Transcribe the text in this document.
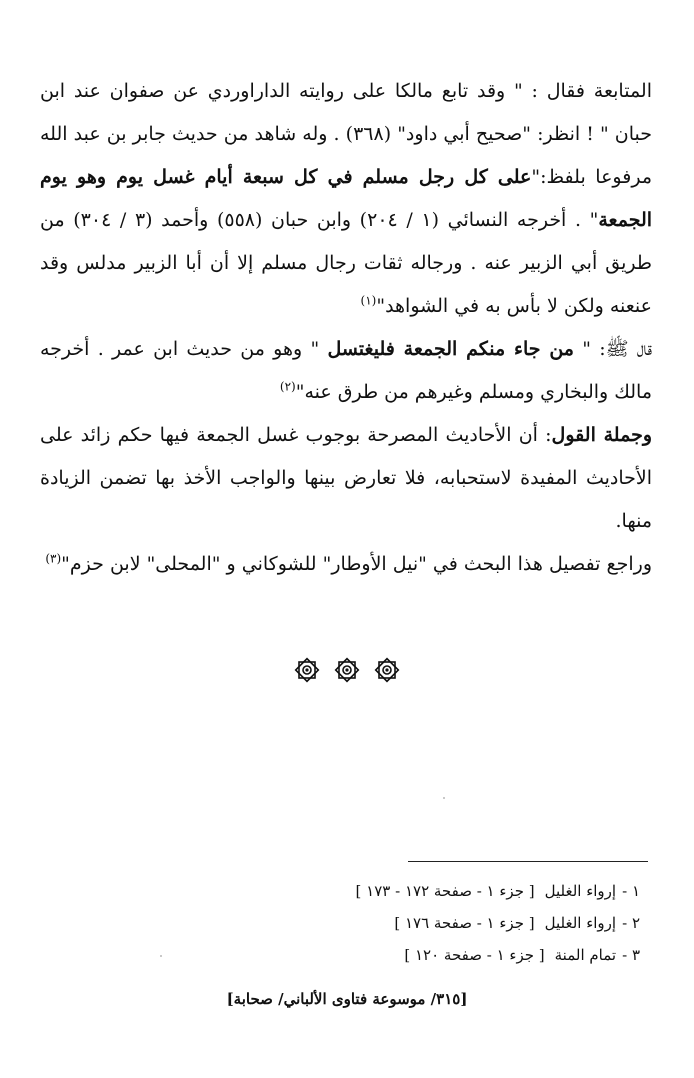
المتابعة فقال : " وقد تابع مالكا على روايته الداراوردي عن صفوان عند ابن حبان " ! انظر: "صحيح أبي داود" (٣٦٨) . وله شاهد من حديث جابر بن عبد الله مرفوعا بلفظ:"على كل رجل مسلم في كل سبعة أيام غسل يوم وهو يوم الجمعة" . أخرجه النسائي (١ / ٢٠٤) وابن حبان (٥٥٨) وأحمد (٣ / ٣٠٤) من طريق أبي الزبير عنه . ورجاله ثقات رجال مسلم إلا أن أبا الزبير مدلس وقد عنعنه ولكن لا بأس به في الشواهد"$^{(١)}$

قال ﷺ: " من جاء منكم الجمعة فليغتسل " وهو من حديث ابن عمر . أخرجه مالك والبخاري ومسلم وغيرهم من طرق عنه"$^{(٢)}$

وجملة القول: أن الأحاديث المصرحة بوجوب غسل الجمعة فيها حكم زائد على الأحاديث المفيدة لاستحبابه، فلا تعارض بينها والواجب الأخذ بها تضمن الزيادة منها.

وراجع تفصيل هذا البحث في "نيل الأوطار" للشوكاني و "المحلى" لابن حزم"$^{(٣)}$

١ -إرواء الغليل[ جزء ١ - صفحة ١٧٢ - ١٧٣ ]
٢ -إرواء الغليل[ جزء ١ - صفحة ١٧٦ ]
٣ -تمام المنة[ جزء ١ - صفحة ١٢٠ ]
[٣١٥/ موسوعة فتاوى الألباني/ صحابة]
